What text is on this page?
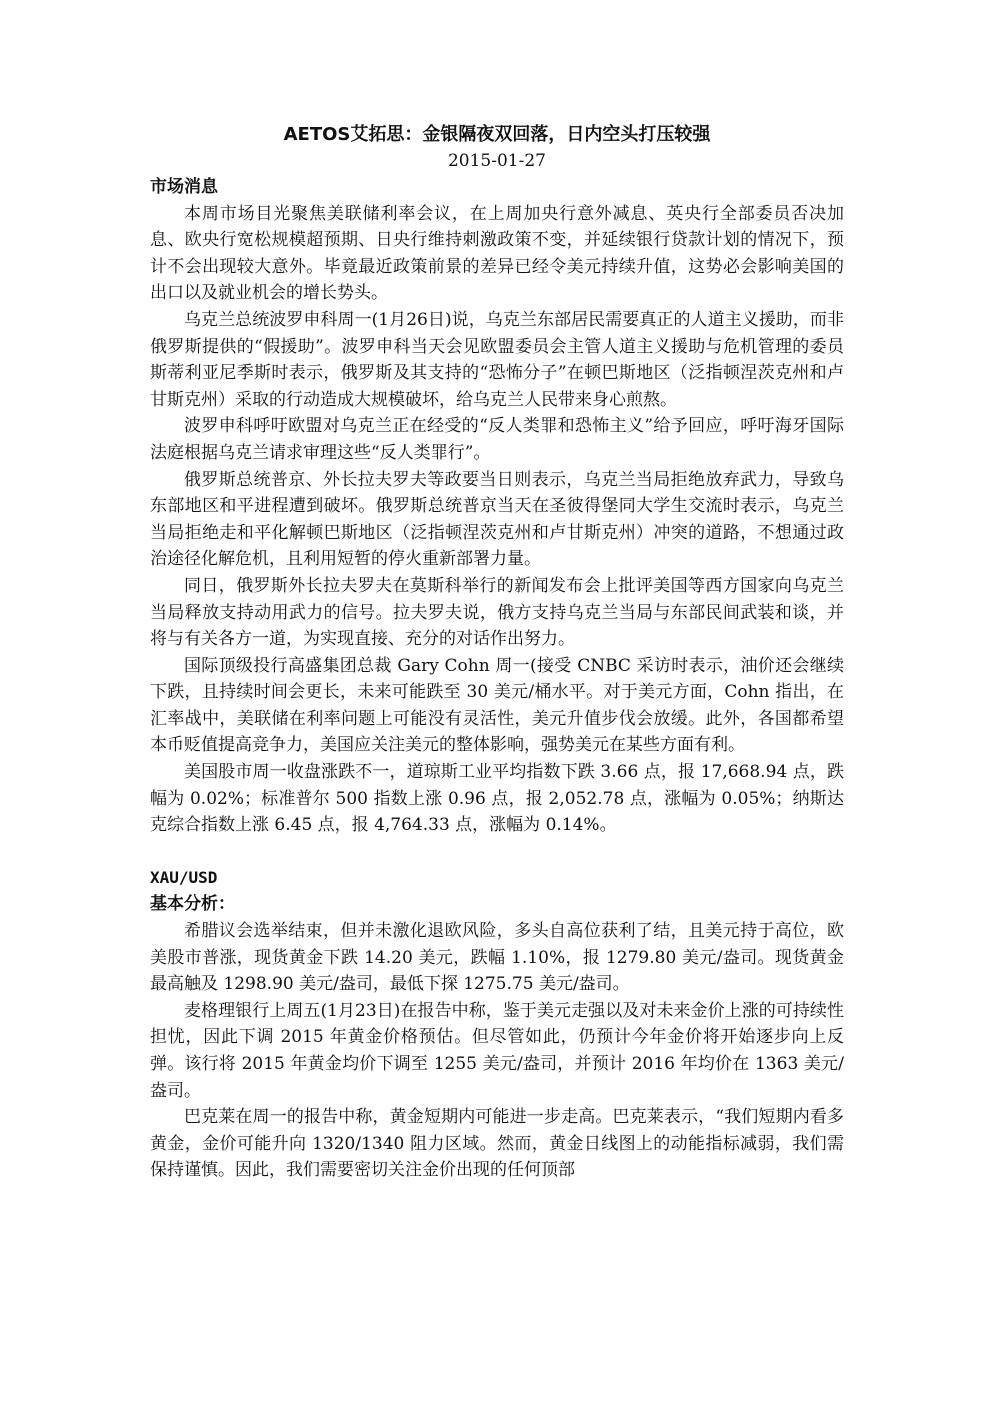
AETOS艾拓思：金银隔夜双回落，日内空头打压较强
2015-01-27
市场消息

本周市场目光聚焦美联储利率会议，在上周加央行意外减息、英央行全部委员否决加息、欧央行宽松规模超预期、日央行维持刺激政策不变，并延续银行贷款计划的情况下，预计不会出现较大意外。毕竟最近政策前景的差异已经令美元持续升值，这势必会影响美国的出口以及就业机会的增长势头。

乌克兰总统波罗申科周一(1月26日)说，乌克兰东部居民需要真正的人道主义援助，而非俄罗斯提供的“假援助”。波罗申科当天会见欧盟委员会主管人道主义援助与危机管理的委员斯蒂利亚尼季斯时表示，俄罗斯及其支持的“恐怖分子”在顿巴斯地区（泛指顿涅茨克州和卢甘斯克州）采取的行动造成大规模破坏，给乌克兰人民带来身心煎熬。

波罗申科呼吁欧盟对乌克兰正在经受的“反人类罪和恐怖主义”给予回应，呼吁海牙国际法庭根据乌克兰请求审理这些“反人类罪行”。

俄罗斯总统普京、外长拉夫罗夫等政要当日则表示，乌克兰当局拒绝放弃武力，导致乌东部地区和平进程遭到破坏。俄罗斯总统普京当天在圣彼得堡同大学生交流时表示，乌克兰当局拒绝走和平化解顿巴斯地区（泛指顿涅茨克州和卢甘斯克州）冲突的道路，不想通过政治途径化解危机，且利用短暂的停火重新部署力量。

同日，俄罗斯外长拉夫罗夫在莫斯科举行的新闻发布会上批评美国等西方国家向乌克兰当局释放支持动用武力的信号。拉夫罗夫说，俄方支持乌克兰当局与东部民间武装和谈，并将与有关各方一道，为实现直接、充分的对话作出努力。

国际顶级投行高盛集团总裁 Gary Cohn 周一(接受 CNBC 采访时表示，油价还会继续下跌，且持续时间会更长，未来可能跌至 30 美元/桶水平。对于美元方面，Cohn 指出，在汇率战中，美联储在利率问题上可能没有灵活性，美元升值步伐会放缓。此外，各国都希望本币贬值提高竞争力，美国应关注美元的整体影响，强势美元在某些方面有利。

美国股市周一收盘涨跌不一，道琼斯工业平均指数下跌 3.66 点，报 17,668.94 点，跌幅为 0.02%；标准普尔 500 指数上涨 0.96 点，报 2,052.78 点，涨幅为 0.05%；纳斯达克综合指数上涨 6.45 点，报 4,764.33 点，涨幅为 0.14%。

XAU/USD
基本分析：

希腊议会选举结束，但并未激化退欧风险，多头自高位获利了结，且美元持于高位，欧美股市普涨，现货黄金下跌 14.20 美元，跌幅 1.10%，报 1279.80 美元/盎司。现货黄金最高触及 1298.90 美元/盎司，最低下探 1275.75 美元/盎司。

麦格理银行上周五(1月23日)在报告中称，鉴于美元走强以及对未来金价上涨的可持续性担忧，因此下调 2015 年黄金价格预估。但尽管如此，仍预计今年金价将开始逐步向上反弹。该行将 2015 年黄金均价下调至 1255 美元/盎司，并预计 2016 年均价在 1363 美元/盎司。

巴克莱在周一的报告中称，黄金短期内可能进一步走高。巴克莱表示，“我们短期内看多黄金，金价可能升向 1320/1340 阻力区域。然而，黄金日线图上的动能指标减弱，我们需保持谨慎。因此，我们需要密切关注金价出现的任何顶部
